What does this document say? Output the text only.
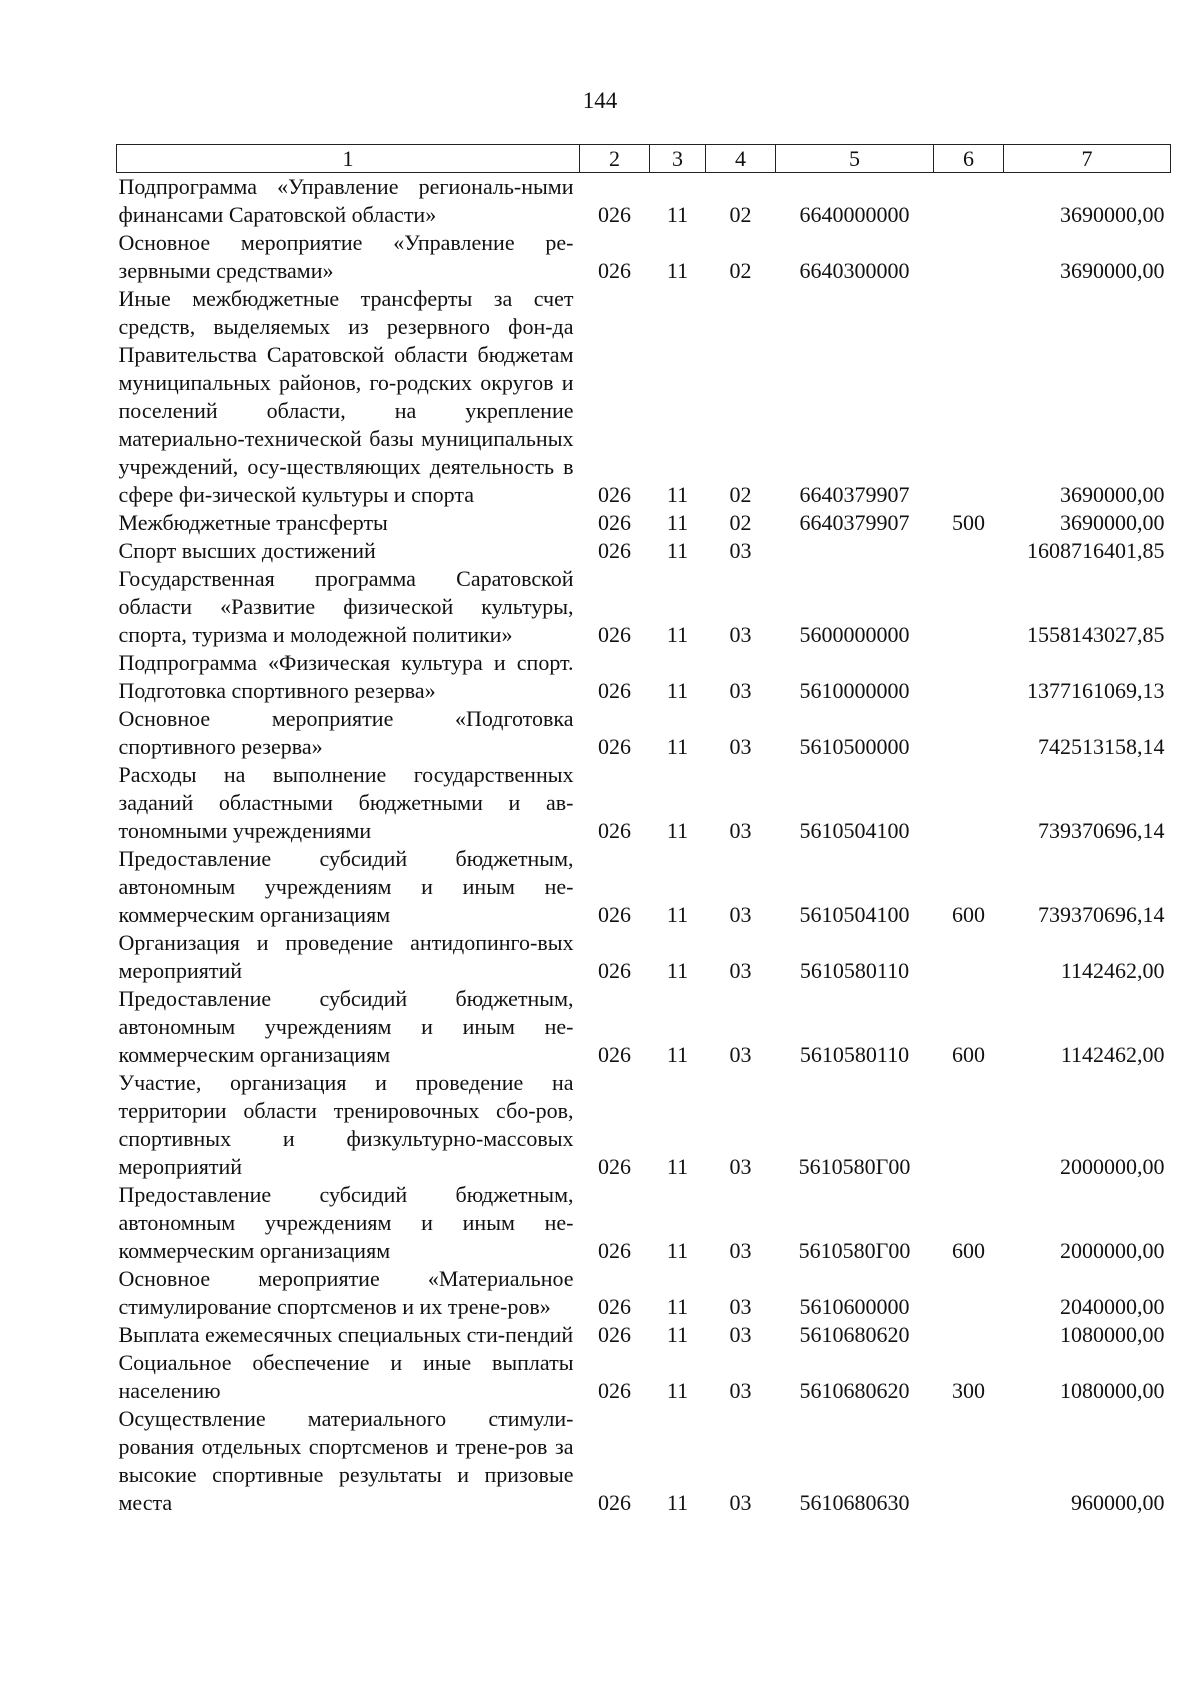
144
1	2	3	4	5	6	7
Подпрограмма «Управление региональ-ными финансами Саратовской области»	026	11	02	6640000000		3690000,00
Основное мероприятие «Управление ре-зервными средствами»	026	11	02	6640300000		3690000,00
Иные межбюджетные трансферты за счет средств, выделяемых из резервного фон-да Правительства Саратовской области бюджетам муниципальных районов, го-родских округов и поселений области, на укрепление материально-технической базы муниципальных учреждений, осу-ществляющих деятельность в сфере фи-зической культуры и спорта	026	11	02	6640379907		3690000,00
Межбюджетные трансферты	026	11	02	6640379907	500	3690000,00
Спорт высших достижений	026	11	03			1608716401,85
Государственная программа Саратовской области «Развитие физической культуры, спорта, туризма и молодежной политики»	026	11	03	5600000000		1558143027,85
Подпрограмма «Физическая культура и спорт. Подготовка спортивного резерва»	026	11	03	5610000000		1377161069,13
Основное мероприятие «Подготовка спортивного резерва»	026	11	03	5610500000		742513158,14
Расходы на выполнение государственных заданий областными бюджетными и ав-тономными учреждениями	026	11	03	5610504100		739370696,14
Предоставление субсидий бюджетным, автономным учреждениям и иным не-коммерческим организациям	026	11	03	5610504100	600	739370696,14
Организация и проведение антидопинго-вых мероприятий	026	11	03	5610580110		1142462,00
Предоставление субсидий бюджетным, автономным учреждениям и иным не-коммерческим организациям	026	11	03	5610580110	600	1142462,00
Участие, организация и проведение на территории области тренировочных сбо-ров, спортивных и физкультурно-массовых мероприятий	026	11	03	5610580Г00		2000000,00
Предоставление субсидий бюджетным, автономным учреждениям и иным не-коммерческим организациям	026	11	03	5610580Г00	600	2000000,00
Основное мероприятие «Материальное стимулирование спортсменов и их трене-ров»	026	11	03	5610600000		2040000,00
Выплата ежемесячных специальных сти-пендий	026	11	03	5610680620		1080000,00
Социальное обеспечение и иные выплаты населению	026	11	03	5610680620	300	1080000,00
Осуществление материального стимули-рования отдельных спортсменов и трене-ров за высокие спортивные результаты и призовые места	026	11	03	5610680630		960000,00
